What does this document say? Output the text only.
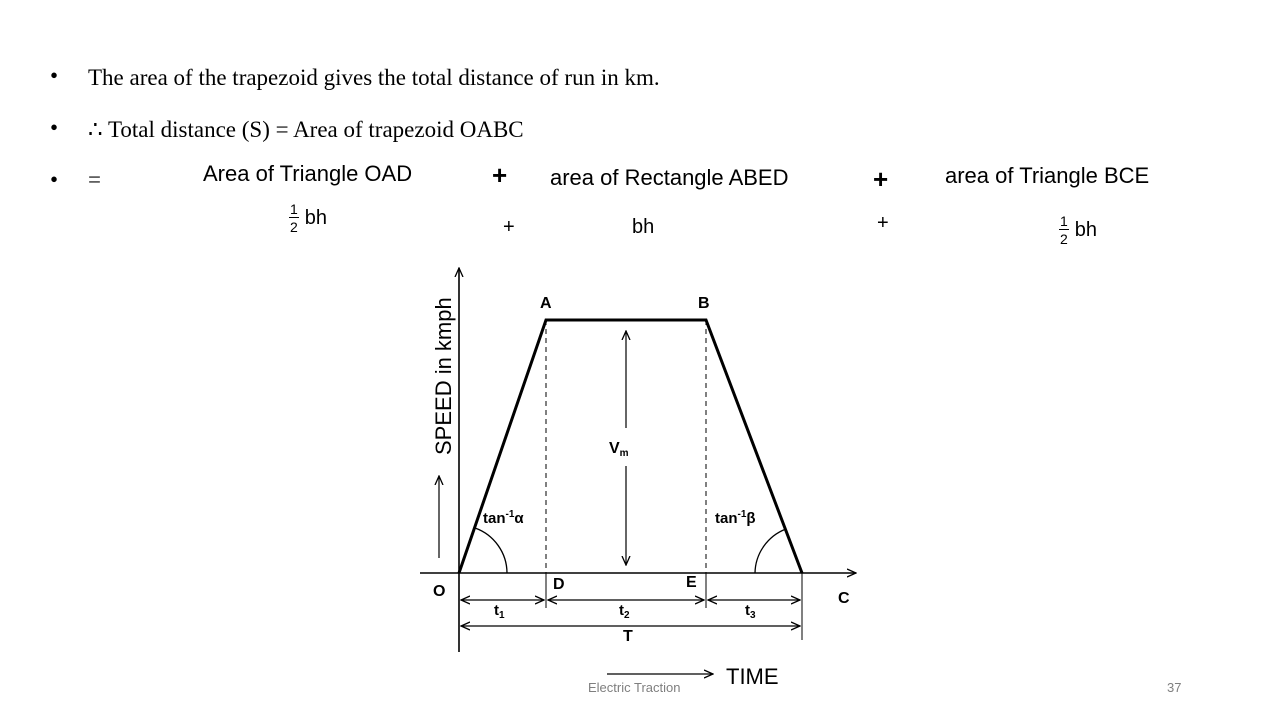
• The area of the trapezoid gives the total distance of run in km.
• ∴ Total distance (S) = Area of trapezoid OABC
• =	Area of Triangle OAD	+ area of Rectangle ABED	+	area of Triangle BCE
$\frac{1}{2}$ bh	+	bh	+	$\frac{1}{2}$ bh
SPEED in kmph	Vm
$\tan^{-1}\alpha$	$\tan^{-1}\beta$
A	B
O	D	E
C
$t_1$	$t_2$	$t_3$
T
TIME
Electric Traction	37
